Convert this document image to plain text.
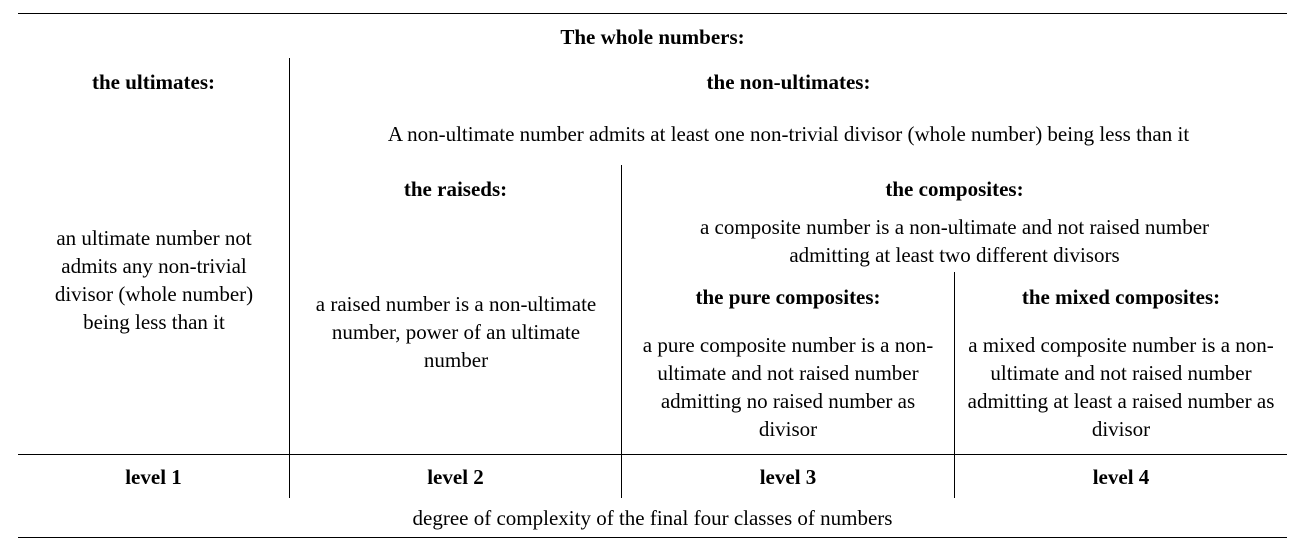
The whole numbers:
the ultimates:
an ultimate number not admits any non-trivial divisor (whole number) being less than it
the non-ultimates:
A non-ultimate number admits at least one non-trivial divisor (whole number) being less than it
the raiseds:
a raised number is a non-ultimate number, power of an ultimate number
the composites:
a composite number is a non-ultimate and not raised number
admitting at least two different divisors
the pure composites:
a pure composite number is a non-ultimate and not raised number admitting no raised number as divisor
the mixed composites:
a mixed composite number is a non-ultimate and not raised number admitting at least a raised number as divisor
level 1	level 2	level 3	level 4
degree of complexity of the final four classes of numbers
